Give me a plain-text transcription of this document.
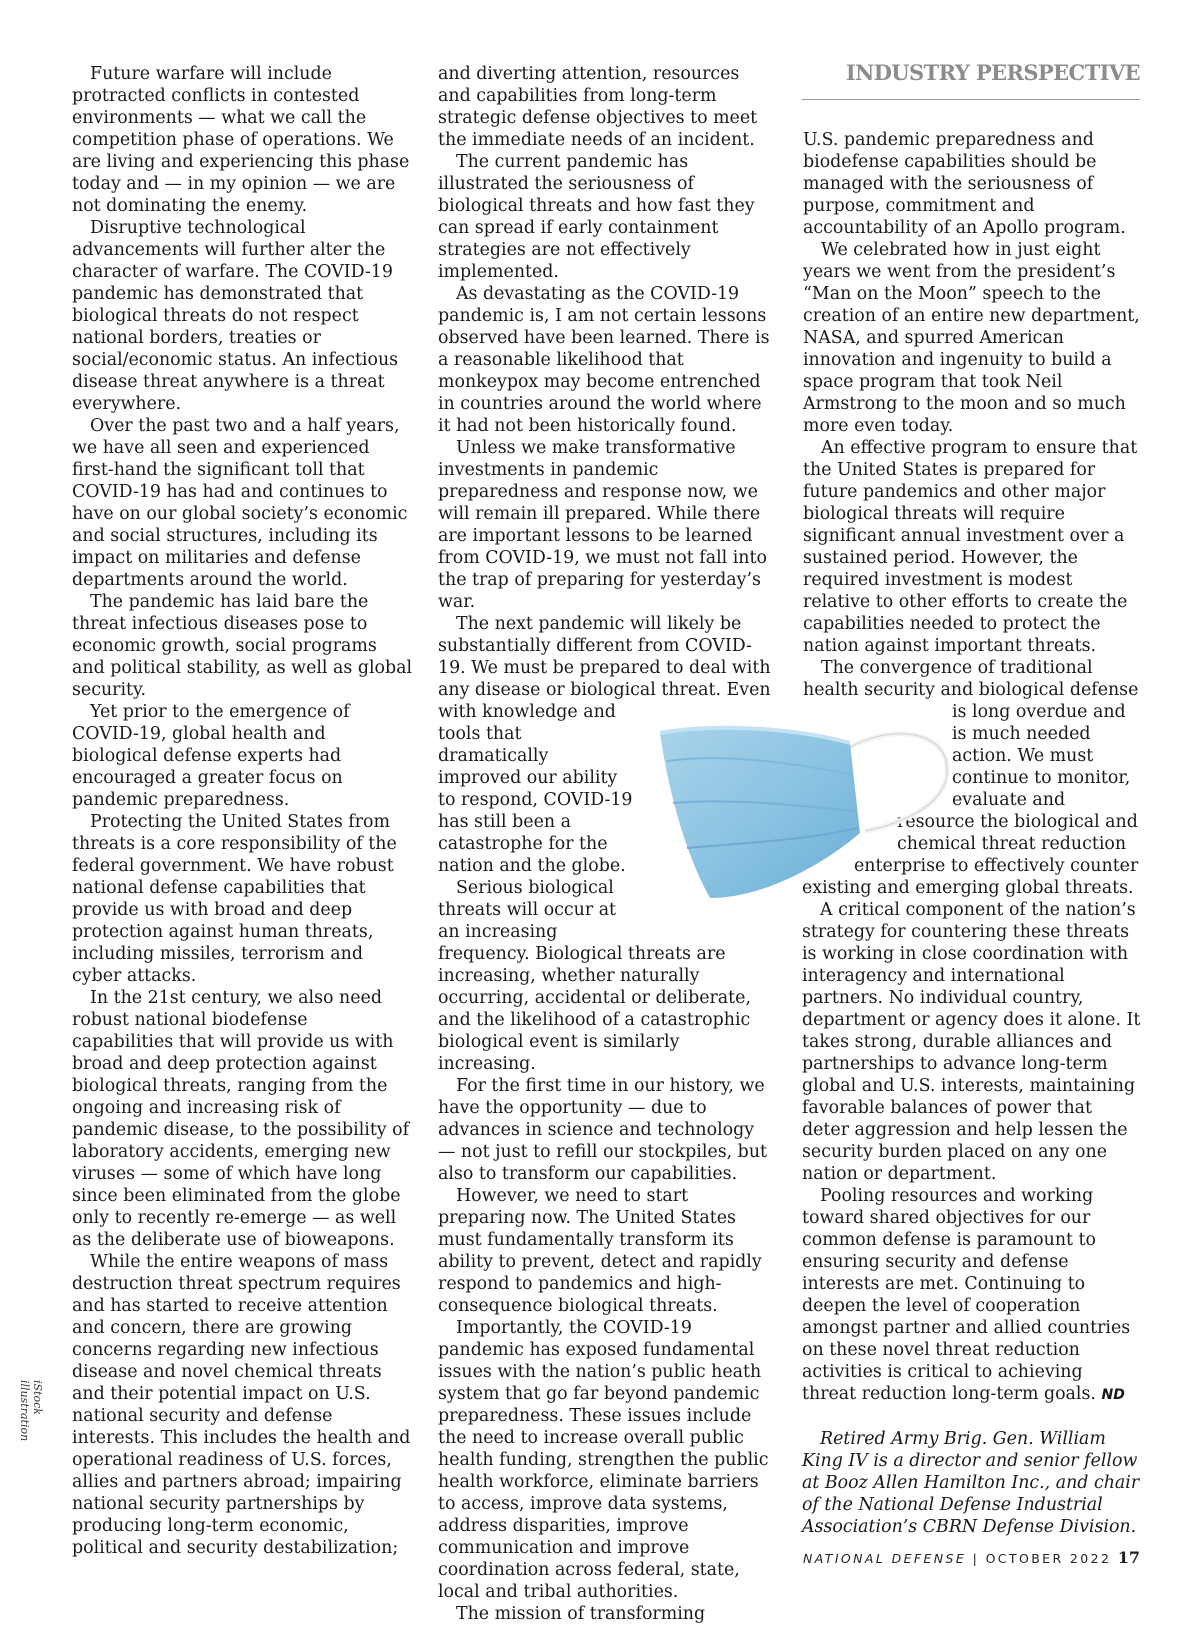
INDUSTRY PERSPECTIVE

Future warfare will include protracted conflicts in contested environments — what we call the competition phase of operations. We are living and experiencing this phase today and — in my opinion — we are not dominating the enemy.

Disruptive technological advancements will further alter the character of warfare. The COVID-19 pandemic has demonstrated that biological threats do not respect national borders, treaties or social/economic status. An infectious disease threat anywhere is a threat everywhere.

Over the past two and a half years, we have all seen and experienced first-hand the significant toll that COVID-19 has had and continues to have on our global society’s economic and social structures, including its impact on militaries and defense departments around the world.

The pandemic has laid bare the threat infectious diseases pose to economic growth, social programs and political stability, as well as global security.

Yet prior to the emergence of COVID-19, global health and biological defense experts had encouraged a greater focus on pandemic preparedness.

Protecting the United States from threats is a core responsibility of the federal government. We have robust national defense capabilities that provide us with broad and deep protection against human threats, including missiles, terrorism and cyber attacks.

In the 21st century, we also need robust national biodefense capabilities that will provide us with broad and deep protection against biological threats, ranging from the ongoing and increasing risk of pandemic disease, to the possibility of laboratory accidents, emerging new viruses — some of which have long since been eliminated from the globe only to recently re-emerge — as well as the deliberate use of bioweapons.

While the entire weapons of mass destruction threat spectrum requires and has started to receive attention and concern, there are growing concerns regarding new infectious disease and novel chemical threats and their potential impact on U.S. national security and defense interests. This includes the health and operational readiness of U.S. forces, allies and partners abroad; impairing national security partnerships by producing long-term economic, political and security destabilization;

and diverting attention, resources and capabilities from long-term strategic defense objectives to meet the immediate needs of an incident.

The current pandemic has illustrated the seriousness of biological threats and how fast they can spread if early containment strategies are not effectively implemented.

As devastating as the COVID-19 pandemic is, I am not certain lessons observed have been learned. There is a reasonable likelihood that monkeypox may become entrenched in countries around the world where it had not been historically found.

Unless we make transformative investments in pandemic preparedness and response now, we will remain ill prepared. While there are important lessons to be learned from COVID-19, we must not fall into the trap of preparing for yesterday’s war.

The next pandemic will likely be substantially different from COVID-19. We must be prepared to deal with any disease or biological threat. Even with knowledge and tools that dramatically improved our ability to respond, COVID-19 has still been a catastrophe for the nation and the globe.

Serious biological threats will occur at an increasing frequency. Biological threats are increasing, whether naturally occurring, accidental or deliberate, and the likelihood of a catastrophic biological event is similarly increasing.

For the first time in our history, we have the opportunity — due to advances in science and technology — not just to refill our stockpiles, but also to transform our capabilities.

However, we need to start preparing now. The United States must fundamentally transform its ability to prevent, detect and rapidly respond to pandemics and high-consequence biological threats.

Importantly, the COVID-19 pandemic has exposed fundamental issues with the nation’s public heath system that go far beyond pandemic preparedness. These issues include the need to increase overall public health funding, strengthen the public health workforce, eliminate barriers to access, improve data systems, address disparities, improve communication and improve coordination across federal, state, local and tribal authorities.

The mission of transforming

U.S. pandemic preparedness and biodefense capabilities should be managed with the seriousness of purpose, commitment and accountability of an Apollo program.

We celebrated how in just eight years we went from the president’s “Man on the Moon” speech to the creation of an entire new department, NASA, and spurred American innovation and ingenuity to build a space program that took Neil Armstrong to the moon and so much more even today.

An effective program to ensure that the United States is prepared for future pandemics and other major biological threats will require significant annual investment over a sustained period. However, the required investment is modest relative to other efforts to create the capabilities needed to protect the nation against important threats.

The convergence of traditional health security and biological defense is long overdue and is much needed action. We must continue to monitor, evaluate and resource the biological and chemical threat reduction enterprise to effectively counter existing and emerging global threats.

A critical component of the nation’s strategy for countering these threats is working in close coordination with interagency and international partners. No individual country, department or agency does it alone. It takes strong, durable alliances and partnerships to advance long-term global and U.S. interests, maintaining favorable balances of power that deter aggression and help lessen the security burden placed on any one nation or department.

Pooling resources and working toward shared objectives for our common defense is paramount to ensuring security and defense interests are met. Continuing to deepen the level of cooperation amongst partner and allied countries on these novel threat reduction activities is critical to achieving threat reduction long-term goals. ND

Retired Army Brig. Gen. William King IV is a director and senior fellow at Booz Allen Hamilton Inc., and chair of the National Defense Industrial Association’s CBRN Defense Division.

iStock illustration
NATIONAL DEFENSE | OCTOBER 2022 17
